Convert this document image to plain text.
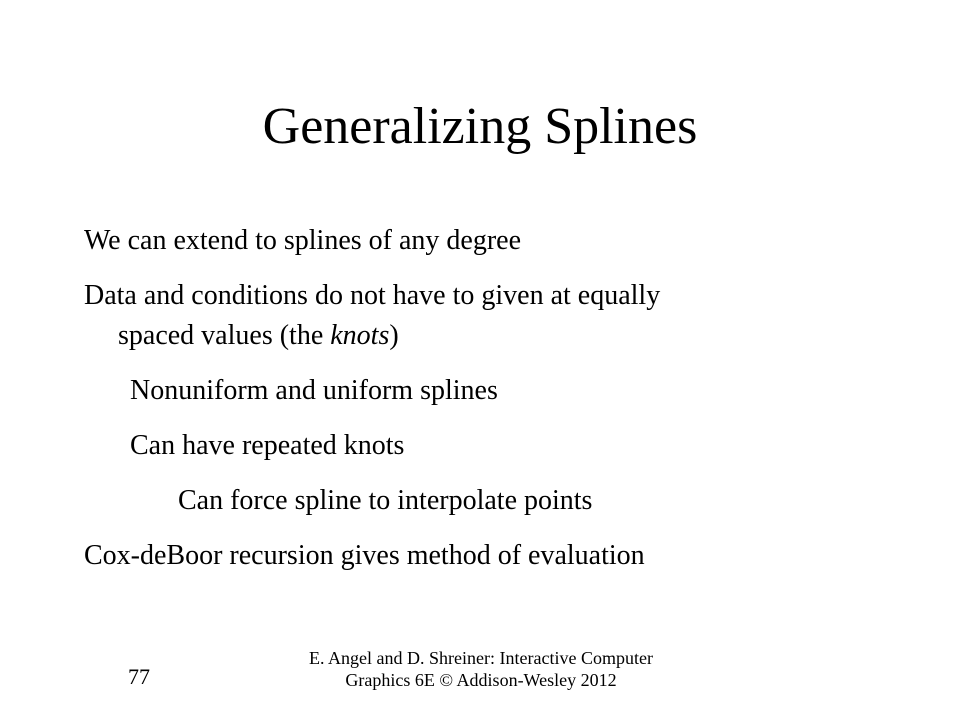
Generalizing Splines

We can extend to splines of any degree

Data and conditions do not have to given at equally

spaced values (the knots)

Nonuniform and uniform splines

Can have repeated knots

Can force spline to interpolate points

Cox-deBoor recursion gives method of evaluation

77
E. Angel and D. Shreiner: Interactive Computer
Graphics 6E © Addison-Wesley 2012
